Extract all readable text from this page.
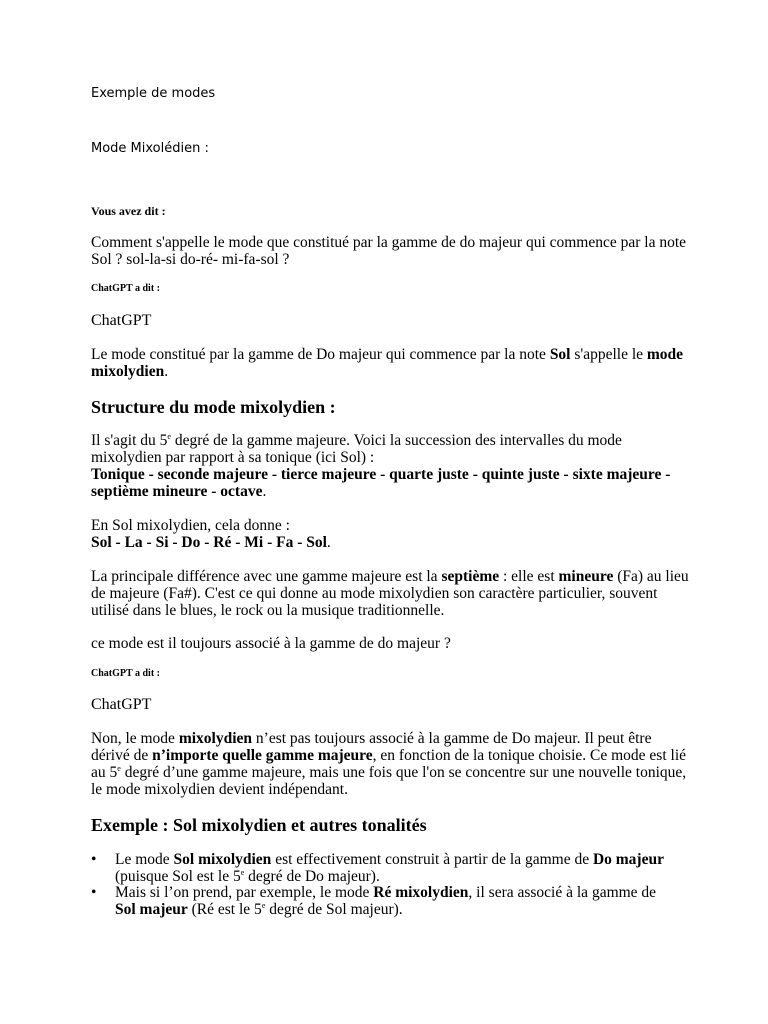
Exemple de modes
Mode Mixolédien :
Vous avez dit :
Comment s'appelle le mode que constitué par la gamme de do majeur qui commence par la note Sol ? sol-la-si do-ré- mi-fa-sol ?
ChatGPT a dit :
ChatGPT
Le mode constitué par la gamme de Do majeur qui commence par la note Sol s'appelle le mode mixolydien.
Structure du mode mixolydien :
Il s'agit du 5e degré de la gamme majeure. Voici la succession des intervalles du mode mixolydien par rapport à sa tonique (ici Sol) :
Tonique - seconde majeure - tierce majeure - quarte juste - quinte juste - sixte majeure - septième mineure - octave.
En Sol mixolydien, cela donne :
Sol - La - Si - Do - Ré - Mi - Fa - Sol.
La principale différence avec une gamme majeure est la septième : elle est mineure (Fa) au lieu de majeure (Fa#). C'est ce qui donne au mode mixolydien son caractère particulier, souvent utilisé dans le blues, le rock ou la musique traditionnelle.
ce mode est il toujours associé à la gamme de do majeur ?
ChatGPT a dit :
ChatGPT
Non, le mode mixolydien n’est pas toujours associé à la gamme de Do majeur. Il peut être dérivé de n’importe quelle gamme majeure, en fonction de la tonique choisie. Ce mode est lié au 5e degré d’une gamme majeure, mais une fois que l'on se concentre sur une nouvelle tonique, le mode mixolydien devient indépendant.
Exemple : Sol mixolydien et autres tonalités
• Le mode Sol mixolydien est effectivement construit à partir de la gamme de Do majeur (puisque Sol est le 5e degré de Do majeur).
• Mais si l’on prend, par exemple, le mode Ré mixolydien, il sera associé à la gamme de Sol majeur (Ré est le 5e degré de Sol majeur).
